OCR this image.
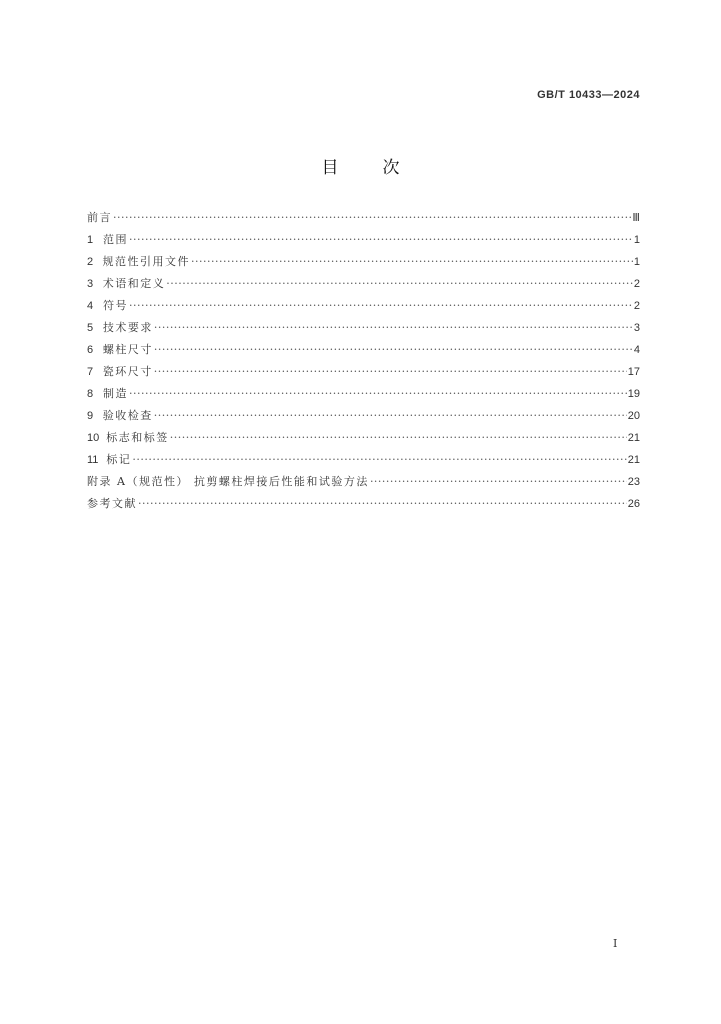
GB/T 10433—2024
目	次
前言 ·····	Ⅲ
1 范围 ·····	1
2 规范性引用文件 ·····	1
3 术语和定义 ·····	2
4 符号 ·····	2
5 技术要求 ·····	3
6 螺柱尺寸 ·····	4
7 瓷环尺寸 ·····	17
8 制造 ·····	19
9 验收检查 ·····	20
10 标志和标签 ·····	21
11 标记 ·····	21
附录 A（规范性） 抗剪螺柱焊接后性能和试验方法 ·····	23
参考文献 ·····	26
Ⅰ
